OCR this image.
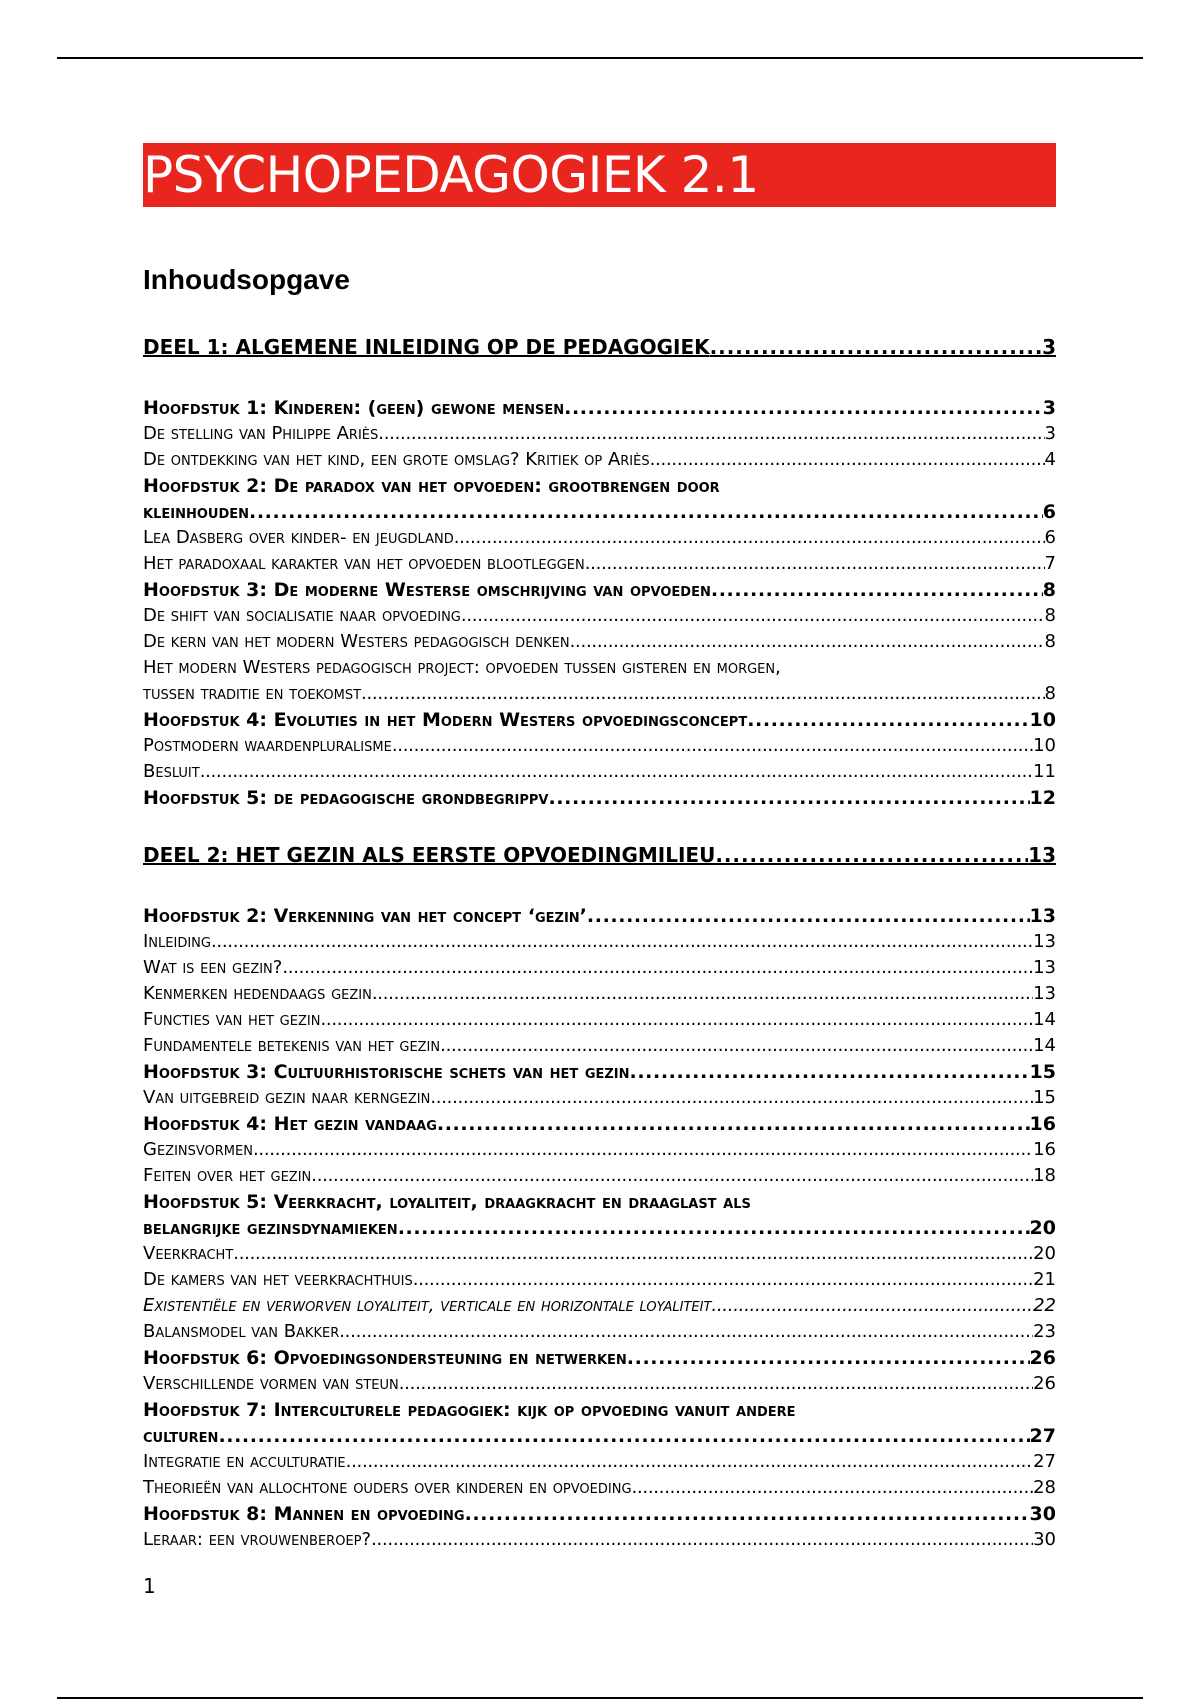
PSYCHOPEDAGOGIEK 2.1
Inhoudsopgave
DEEL 1: ALGEMENE INLEIDING OP DE PEDAGOGIEK . . .	3
Hoofdstuk 1: Kinderen: (geen) gewone mensen . . .	3
De stelling van Philippe Ariès . . .	3
De ontdekking van het kind, een grote omslag? Kritiek op Ariès . . .	4
Hoofdstuk 2: De paradox van het opvoeden: grootbrengen door
kleinhouden . . .	6
Lea Dasberg over kinder- en jeugdland . . .	6
Het paradoxaal karakter van het opvoeden blootleggen . . .	7
Hoofdstuk 3: De moderne Westerse omschrijving van opvoeden . . .	8
De shift van socialisatie naar opvoeding . . .	8
De kern van het modern Westers pedagogisch denken . . .	8
Het modern Westers pedagogisch project: opvoeden tussen gisteren en morgen,
tussen traditie en toekomst . . .	8
Hoofdstuk 4: Evoluties in het Modern Westers opvoedingsconcept . . .	10
Postmodern waardenpluralisme . . .	10
Besluit . . .	11
Hoofdstuk 5: de pedagogische grondbegrippv . . .	12
DEEL 2: HET GEZIN ALS EERSTE OPVOEDINGMILIEU . . .	13
Hoofdstuk 2: Verkenning van het concept ‘gezin’ . . .	13
Inleiding . . .	13
Wat is een gezin? . . .	13
Kenmerken hedendaags gezin . . .	13
Functies van het gezin . . .	14
Fundamentele betekenis van het gezin . . .	14
Hoofdstuk 3: Cultuurhistorische schets van het gezin . . .	15
Van uitgebreid gezin naar kerngezin . . .	15
Hoofdstuk 4: Het gezin vandaag . . .	16
Gezinsvormen . . .	16
Feiten over het gezin . . .	18
Hoofdstuk 5: Veerkracht, loyaliteit, draagkracht en draaglast als
belangrijke gezinsdynamieken . . .	20
Veerkracht . . .	20
De kamers van het veerkrachthuis . . .	21
Existentiële en verworven loyaliteit, verticale en horizontale loyaliteit . . .	22
Balansmodel van Bakker . . .	23
Hoofdstuk 6: Opvoedingsondersteuning en netwerken . . .	26
Verschillende vormen van steun . . .	26
Hoofdstuk 7: Interculturele pedagogiek: kijk op opvoeding vanuit andere
culturen . . .	27
Integratie en acculturatie . . .	27
Theorieën van allochtone ouders over kinderen en opvoeding . . .	28
Hoofdstuk 8: Mannen en opvoeding . . .	30
Leraar: een vrouwenberoep? . . .	30
1
